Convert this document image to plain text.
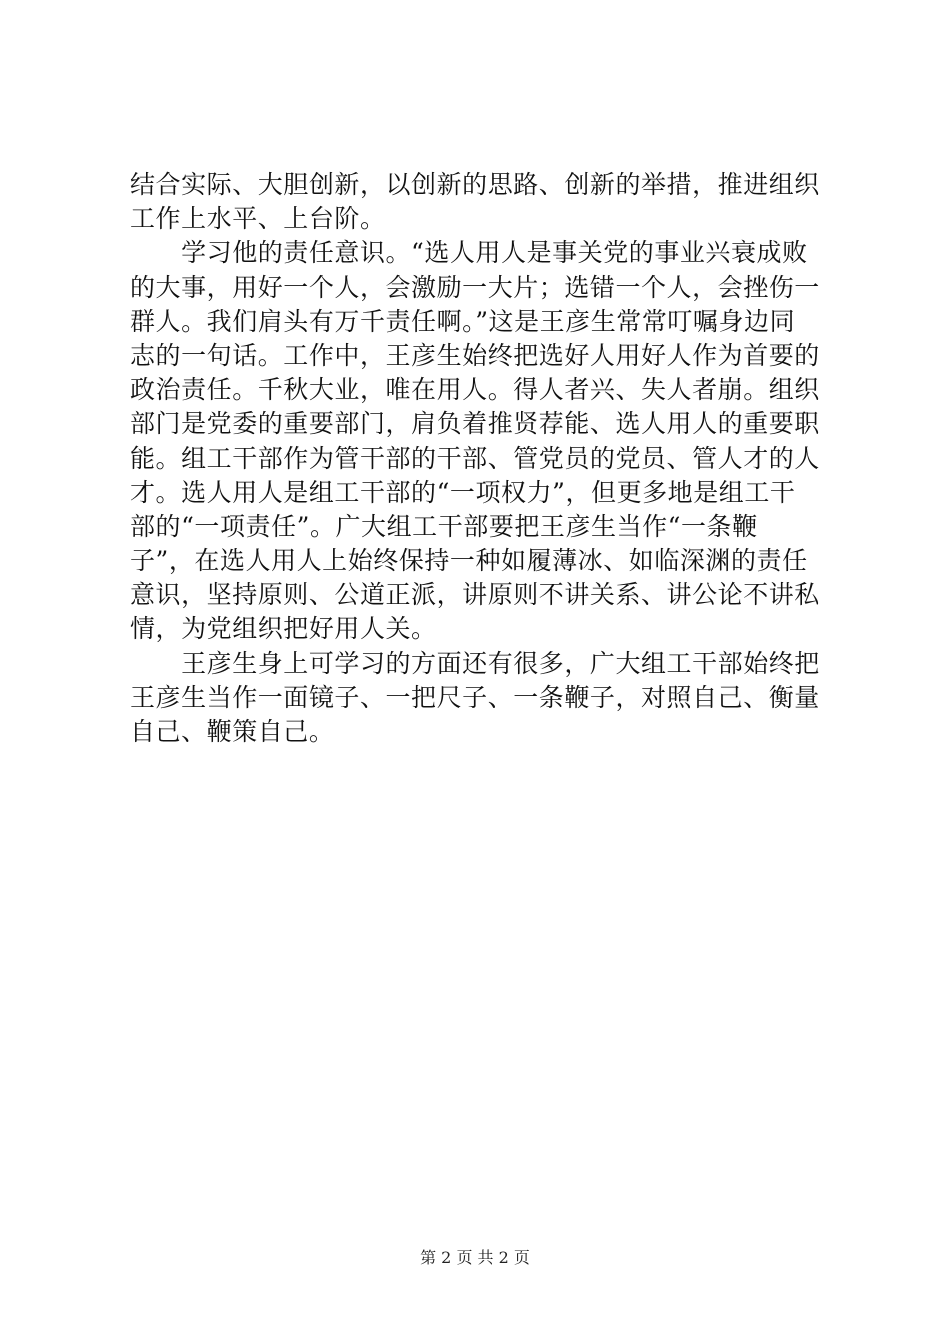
结合实际、大胆创新，以创新的思路、创新的举措，推进组织
工作上水平、上台阶。
　　学习他的责任意识。“选人用人是事关党的事业兴衰成败
的大事，用好一个人，会激励一大片；选错一个人，会挫伤一
群人。我们肩头有万千责任啊。”这是王彦生常常叮嘱身边同
志的一句话。工作中，王彦生始终把选好人用好人作为首要的
政治责任。千秋大业，唯在用人。得人者兴、失人者崩。组织
部门是党委的重要部门，肩负着推贤荐能、选人用人的重要职
能。组工干部作为管干部的干部、管党员的党员、管人才的人
才。选人用人是组工干部的“一项权力”，但更多地是组工干
部的“一项责任”。广大组工干部要把王彦生当作“一条鞭
子”，在选人用人上始终保持一种如履薄冰、如临深渊的责任
意识，坚持原则、公道正派，讲原则不讲关系、讲公论不讲私
情，为党组织把好用人关。
　　王彦生身上可学习的方面还有很多，广大组工干部始终把
王彦生当作一面镜子、一把尺子、一条鞭子，对照自己、衡量
自己、鞭策自己。
第 2 页 共 2 页
